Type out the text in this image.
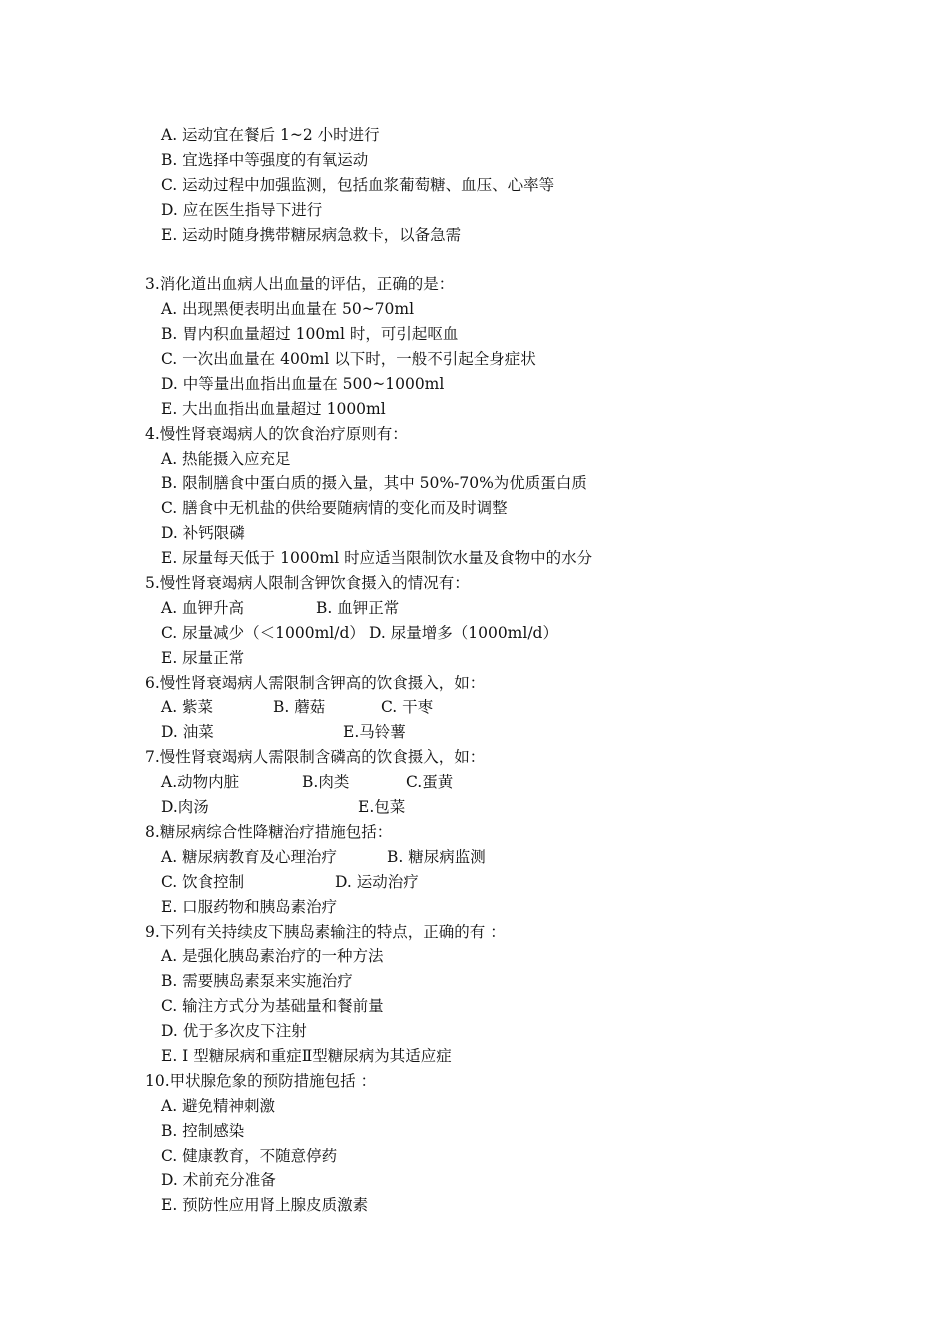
A. 运动宜在餐后 1~2 小时进行
B. 宜选择中等强度的有氧运动
C. 运动过程中加强监测，包括血浆葡萄糖、血压、心率等
D. 应在医生指导下进行
E. 运动时随身携带糖尿病急救卡，以备急需
3.消化道出血病人出血量的评估，正确的是：
A. 出现黑便表明出血量在 50~70ml
B. 胃内积血量超过 100ml 时，可引起呕血
C. 一次出血量在 400ml 以下时，一般不引起全身症状
D. 中等量出血指出血量在 500~1000ml
E. 大出血指出血量超过 1000ml
4.慢性肾衰竭病人的饮食治疗原则有：
A. 热能摄入应充足
B. 限制膳食中蛋白质的摄入量，其中 50%-70%为优质蛋白质
C. 膳食中无机盐的供给要随病情的变化而及时调整
D. 补钙限磷
E. 尿量每天低于 1000ml 时应适当限制饮水量及食物中的水分
5.慢性肾衰竭病人限制含钾饮食摄入的情况有：
A. 血钾升高	B. 血钾正常
C. 尿量减少（＜1000ml/d） D. 尿量增多（1000ml/d）
E. 尿量正常
6.慢性肾衰竭病人需限制含钾高的饮食摄入，如：
A. 紫菜	B. 蘑菇	C. 干枣
D. 油菜	E.马铃薯
7.慢性肾衰竭病人需限制含磷高的饮食摄入，如：
A.动物内脏	B.肉类	C.蛋黄
D.肉汤	E.包菜
8.糖尿病综合性降糖治疗措施包括：
A. 糖尿病教育及心理治疗	B. 糖尿病监测
C. 饮食控制	D. 运动治疗
E. 口服药物和胰岛素治疗
9.下列有关持续皮下胰岛素输注的特点，正确的有 ：
A. 是强化胰岛素治疗的一种方法
B. 需要胰岛素泵来实施治疗
C. 输注方式分为基础量和餐前量
D. 优于多次皮下注射
E. Ⅰ 型糖尿病和重症Ⅱ型糖尿病为其适应症
10.甲状腺危象的预防措施包括 ：
A. 避免精神刺激
B. 控制感染
C. 健康教育，不随意停药
D. 术前充分准备
E. 预防性应用肾上腺皮质激素
